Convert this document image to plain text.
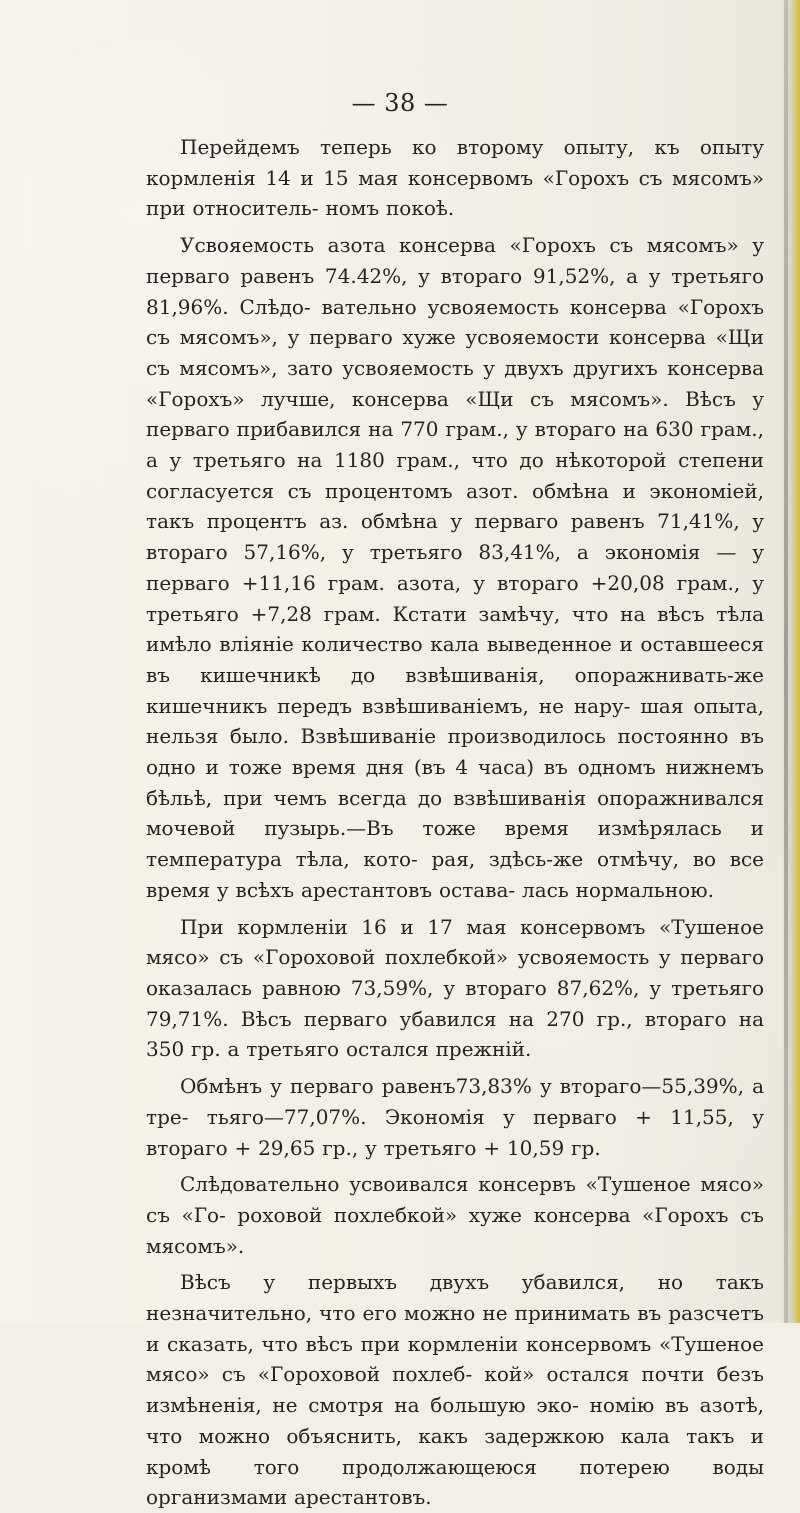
— 38 —

Перейдемъ теперь ко второму опыту, къ опыту кормленія 14 и 15 мая консервомъ «Горохъ съ мясомъ» при относитель- номъ покоѣ.

Усвояемость азота консерва «Горохъ съ мясомъ» у перваго равенъ 74.42%, у втораго 91,52%, а у третьяго 81,96%. Слѣдо- вательно усвояемость консерва «Горохъ съ мясомъ», у перваго хуже усвояемости консерва «Щи съ мясомъ», зато усвояемость у двухъ другихъ консерва «Горохъ» лучше, консерва «Щи съ мясомъ». Вѣсъ у перваго прибавился на 770 грам., у втораго на 630 грам., а у третьяго на 1180 грам., что до нѣкоторой степени согласуется съ процентомъ азот. обмѣна и экономіей, такъ процентъ аз. обмѣна у перваго равенъ 71,41%, у втораго 57,16%, у третьяго 83,41%, а экономія — у перваго +11,16 грам. азота, у втораго +20,08 грам., у третьяго +7,28 грам. Кстати замѣчу, что на вѣсъ тѣла имѣло вліяніе количество кала выведенное и оставшееся въ кишечникѣ до взвѣшиванія, опоражнивать-же кишечникъ передъ взвѣшиваніемъ, не нару- шая опыта, нельзя было. Взвѣшиваніе производилось постоянно въ одно и тоже время дня (въ 4 часа) въ одномъ нижнемъ бѣльѣ, при чемъ всегда до взвѣшиванія опоражнивался мочевой пузырь.—Въ тоже время измѣрялась и температура тѣла, кото- рая, здѣсь-же отмѣчу, во все время у всѣхъ арестантовъ остава- лась нормальною.

При кормленіи 16 и 17 мая консервомъ «Тушеное мясо» съ «Гороховой похлебкой» усвояемость у перваго оказалась равною 73,59%, у втораго 87,62%, у третьяго 79,71%. Вѣсъ перваго убавился на 270 гр., втораго на 350 гр. а третьяго остался прежній.

Обмѣнъ у перваго равенъ73,83% у втораго—55,39%, а тре- тьяго—77,07%. Экономія у перваго + 11,55, у втораго + 29,65 гр., у третьяго + 10,59 гр.

Слѣдовательно усвоивался консервъ «Тушеное мясо» съ «Го- роховой похлебкой» хуже консерва «Горохъ съ мясомъ».

Вѣсъ у первыхъ двухъ убавился, но такъ незначительно, что его можно не принимать въ разсчетъ и сказать, что вѣсъ при кормленіи консервомъ «Тушеное мясо» съ «Гороховой похлеб- кой» остался почти безъ измѣненія, не смотря на большую эко- номію въ азотѣ, что можно объяснить, какъ задержкою кала такъ и кромѣ того продолжающеюся потерею воды организмами арестантовъ.
